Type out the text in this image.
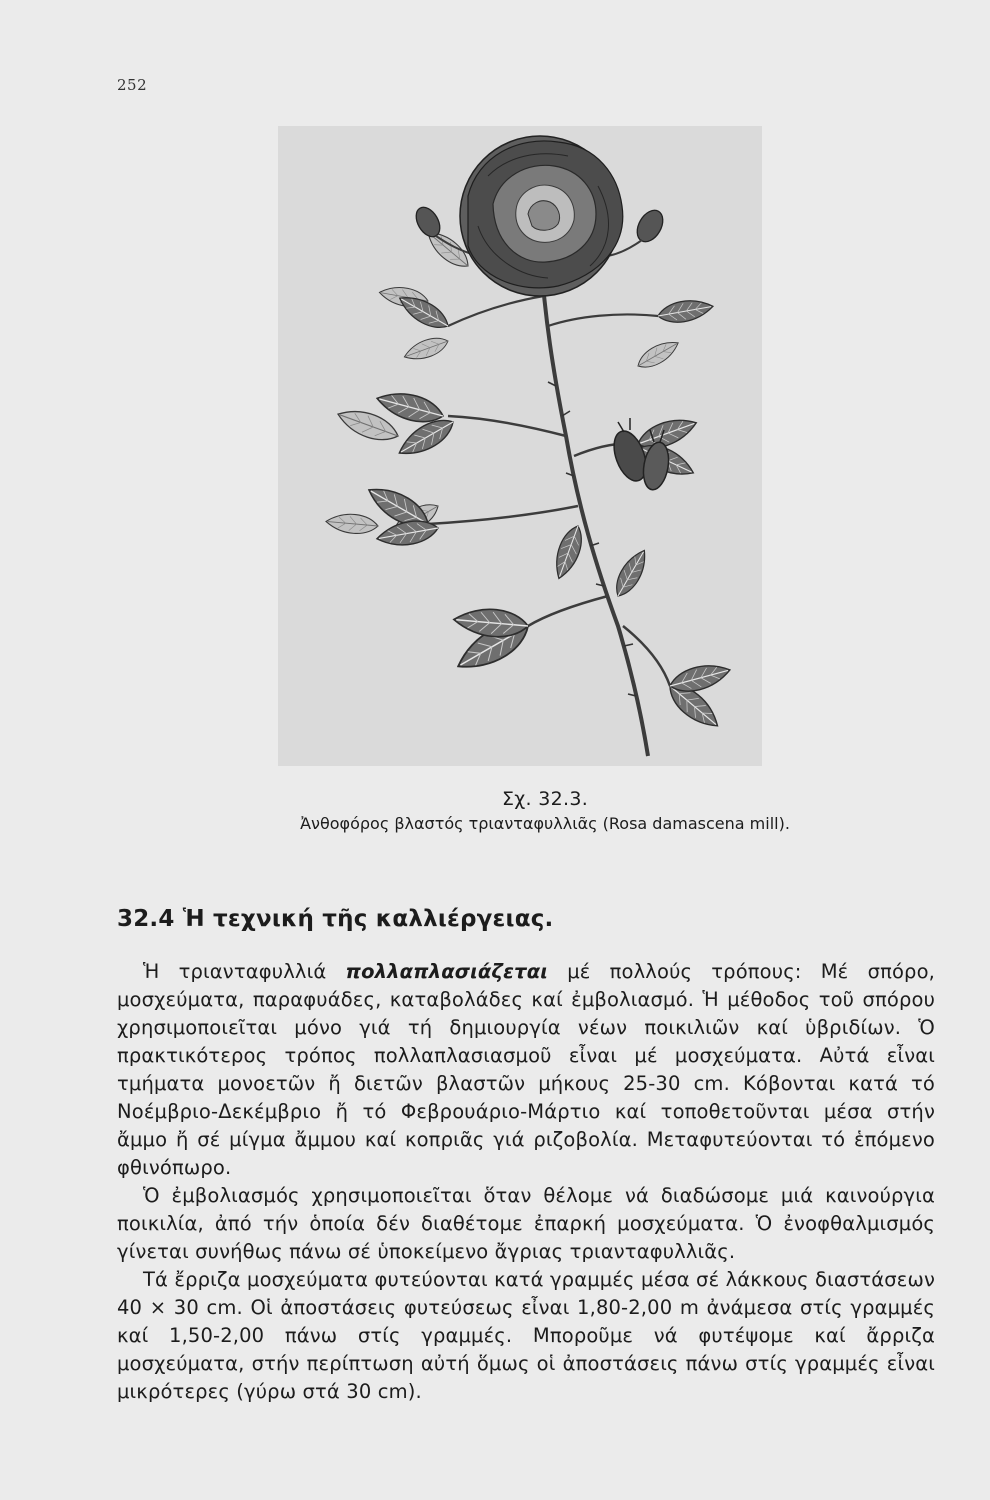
252
Σχ. 32.3.
Ἀνθοφόρος βλαστός τριανταφυλλιᾶς (Rosa damascena mill).
32.4 Ἡ τεχνική τῆς καλλιέργειας.

Ἡ τριανταφυλλιά πολλαπλασιάζεται μέ πολλούς τρόπους: Μέ σπόρο, μοσχεύματα, παραφυάδες, καταβολάδες καί ἐμβολιασμό. Ἡ μέθοδος τοῦ σπόρου χρησιμοποιεῖται μόνο γιά τή δημιουργία νέων ποικιλιῶν καί ὑβριδίων. Ὁ πρακτικότερος τρόπος πολλαπλασιασμοῦ εἶναι μέ μοσχεύματα. Αὐτά εἶναι τμήματα μονοετῶν ἤ διετῶν βλαστῶν μήκους 25-30 cm. Κόβονται κατά τό Νοέμβριο-Δεκέμβριο ἤ τό Φεβρουάριο-Μάρτιο καί τοποθετοῦνται μέσα στήν ἄμμο ἤ σέ μίγμα ἄμμου καί κοπριᾶς γιά ριζοβολία. Μεταφυτεύονται τό ἑπόμενο φθινόπωρο.

Ὁ ἐμβολιασμός χρησιμοποιεῖται ὅταν θέλομε νά διαδώσομε μιά καινούργια ποικιλία, ἀπό τήν ὁποία δέν διαθέτομε ἐπαρκή μοσχεύματα. Ὁ ἐνοφθαλμισμός γίνεται συνήθως πάνω σέ ὑποκείμενο ἄγριας τριανταφυλλιᾶς.

Τά ἔρριζα μοσχεύματα φυτεύονται κατά γραμμές μέσα σέ λάκκους διαστάσεων 40 × 30 cm. Οἱ ἀποστάσεις φυτεύσεως εἶναι 1,80-2,00 m ἀνάμεσα στίς γραμμές καί 1,50-2,00 πάνω στίς γραμμές. Μποροῦμε νά φυτέψομε καί ἄρριζα μοσχεύματα, στήν περίπτωση αὐτή ὅμως οἱ ἀποστάσεις πάνω στίς γραμμές εἶναι μικρότερες (γύρω στά 30 cm).
